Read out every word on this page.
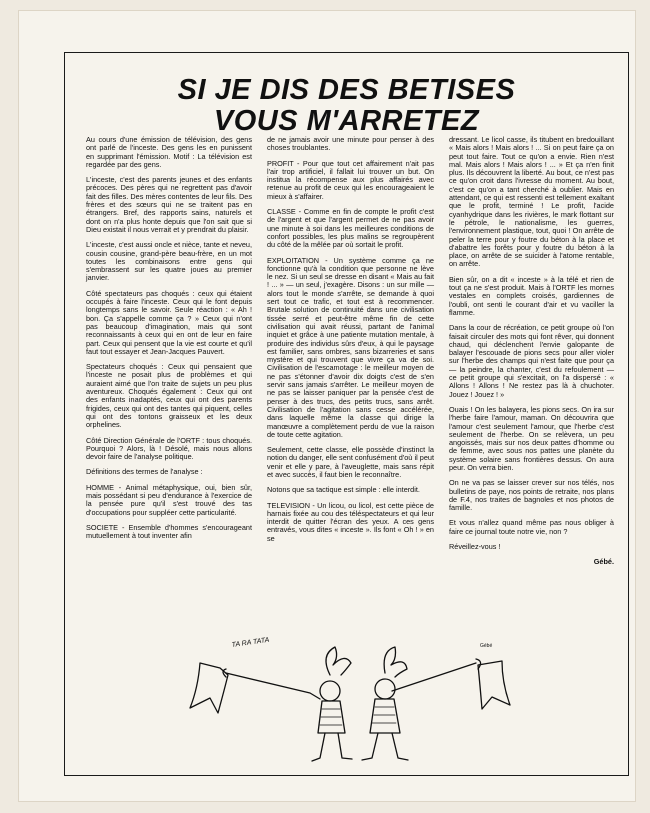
SI JE DIS DES BETISES
VOUS M'ARRETEZ

Au cours d'une émission de télévision, des gens ont parlé de l'inceste. Des gens les en punissent en supprimant l'émission. Motif : La télévision est regardée par des gens.

L'inceste, c'est des parents jeunes et des enfants précoces. Des pères qui ne regrettent pas d'avoir fait des filles. Des mères contentes de leur fils. Des frères et des sœurs qui ne se traitent pas en étrangers. Bref, des rapports sains, naturels et dont on n'a plus honte depuis que l'on sait que si Dieu existait il nous verrait et y prendrait du plaisir.

L'inceste, c'est aussi oncle et nièce, tante et neveu, cousin cousine, grand-père beau-frère, en un mot toutes les combinaisons entre gens qui s'embrassent sur les quatre joues au premier janvier.

Côté spectateurs pas choqués : ceux qui étaient occupés à faire l'inceste. Ceux qui le font depuis longtemps sans le savoir. Seule réaction : « Ah ! bon. Ça s'appelle comme ça ? » Ceux qui n'ont pas beaucoup d'imagination, mais qui sont reconnaissants à ceux qui en ont de leur en faire part. Ceux qui pensent que la vie est courte et qu'il faut tout essayer et Jean-Jacques Pauvert.

Spectateurs choqués : Ceux qui pensaient que l'inceste ne posait plus de problèmes et qui auraient aimé que l'on traite de sujets un peu plus aventureux. Choqués également : Ceux qui ont des enfants inadaptés, ceux qui ont des parents frigides, ceux qui ont des tantes qui piquent, celles qui ont des tontons graisseux et les deux orphelines.

Côté Direction Générale de l'ORTF : tous choqués. Pourquoi ? Alors, là ! Désolé, mais nous allons devoir faire de l'analyse politique.

Définitions des termes de l'analyse :

HOMME - Animal métaphysique, oui, bien sûr, mais possédant si peu d'endurance à l'exercice de la pensée pure qu'il s'est trouvé des tas d'occupations pour suppléer cette particularité.

SOCIETE - Ensemble d'hommes s'encourageant mutuellement à tout inventer afin

de ne jamais avoir une minute pour penser à des choses troublantes.

PROFIT - Pour que tout cet affairement n'ait pas l'air trop artificiel, il fallait lui trouver un but. On institua la récompense aux plus affairés avec retenue au profit de ceux qui les encourageaient le mieux à s'affairer.

CLASSE - Comme en fin de compte le profit c'est de l'argent et que l'argent permet de ne pas avoir une minute à soi dans les meilleures conditions de confort possibles, les plus malins se regroupèrent du côté de la mêlée par où sortait le profit.

EXPLOITATION - Un système comme ça ne fonctionne qu'à la condition que personne ne lève le nez. Si un seul se dresse en disant « Mais au fait ! ... » — un seul, j'exagère. Disons : un sur mille — alors tout le monde s'arrête, se demande à quoi sert tout ce trafic, et tout est à recommencer. Brutale solution de continuité dans une civilisation tissée serré et peut-être même fin de cette civilisation qui avait réussi, partant de l'animal inquiet et grâce à une patiente mutation mentale, à produire des individus sûrs d'eux, à qui le paysage est familier, sans ombres, sans bizarreries et sans mystère et qui trouvent que vivre ça va de soi. Civilisation de l'escamotage : le meilleur moyen de ne pas s'étonner d'avoir dix doigts c'est de s'en servir sans jamais s'arrêter. Le meilleur moyen de ne pas se laisser paniquer par la pensée c'est de penser à des trucs, des petits trucs, sans arrêt. Civilisation de l'agitation sans cesse accélérée, dans laquelle même la classe qui dirige la manœuvre a complètement perdu de vue la raison de toute cette agitation.

Seulement, cette classe, elle possède d'instinct la notion du danger, elle sent confusément d'où il peut venir et elle y pare, à l'aveuglette, mais sans répit et avec succès, il faut bien le reconnaître.

Notons que sa tactique est simple : elle interdit.

TELEVISION - Un licou, ou licol, est cette pièce de harnais fixée au cou des téléspectateurs et qui leur interdit de quitter l'écran des yeux. A ces gens entravés, vous dites « inceste ». Ils font « Oh ! » en se

dressant. Le licol casse, ils titubent en bredouillant « Mais alors ! Mais alors ! ... Si on peut faire ça on peut tout faire. Tout ce qu'on a envie. Rien n'est mal. Mais alors ! Mais alors ! ... » Et ça n'en finit plus. Ils découvrent la liberté. Au bout, ce n'est pas ce qu'on croit dans l'ivresse du moment. Au bout, c'est ce qu'on a tant cherché à oublier. Mais en attendant, ce qui est ressenti est tellement exaltant que le profit, terminé ! Le profit, l'acide cyanhydrique dans les rivières, le mark flottant sur le pétrole, le nationalisme, les guerres, l'environnement plastique, tout, quoi ! On arrête de peler la terre pour y foutre du béton à la place et d'abattre les forêts pour y foutre du béton à la place, on arrête de se suicider à l'atome rentable, on arrête.

Bien sûr, on a dit « inceste » à la télé et rien de tout ça ne s'est produit. Mais à l'ORTF les mornes vestales en complets croisés, gardiennes de l'oubli, ont senti le courant d'air et vu vaciller la flamme.

Dans la cour de récréation, ce petit groupe où l'on faisait circuler des mots qui font rêver, qui donnent chaud, qui déclenchent l'envie galopante de balayer l'escouade de pions secs pour aller violer sur l'herbe des champs qui n'est faite que pour ça — la peindre, la chanter, c'est du refoulement — ce petit groupe qui s'excitait, on l'a dispersé : « Allons ! Allons ! Ne restez pas là à chuchoter. Jouez ! Jouez ! »

Ouais ! On les balayera, les pions secs. On ira sur l'herbe faire l'amour, maman. On découvrira que l'amour c'est seulement l'amour, que l'herbe c'est seulement de l'herbe. On se relèvera, un peu angoissés, mais sur nos deux pattes d'homme ou de femme, avec sous nos pattes une planète du système solaire sans frontières dessus. On aura peur. On verra bien.

On ne va pas se laisser crever sur nos télés, nos bulletins de paye, nos points de retraite, nos plans de F.4, nos traites de bagnoles et nos photos de famille.

Et vous n'allez quand même pas nous obliger à faire ce journal toute notre vie, non ?

Réveillez-vous !

Gébé.
TA RA TATA	Gébé
